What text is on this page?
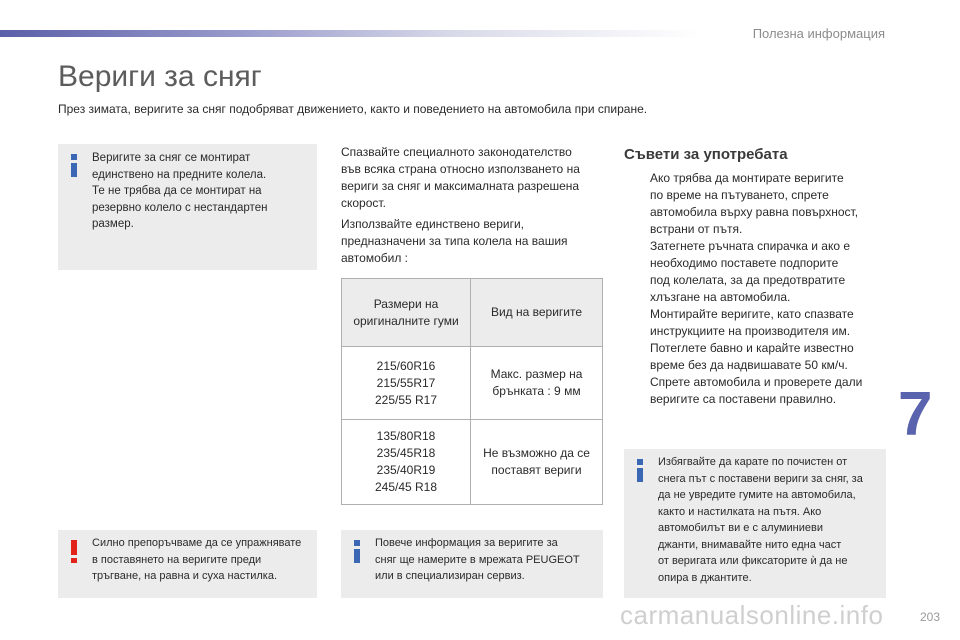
Полезна информация
Вериги за сняг

През зимата, веригите за сняг подобряват движението, както и поведението на автомобила при спиране.

Веригите за сняг се монтират
единствено на предните колела.
Те не трябва да се монтират на
резервно колело с нестандартен
размер.
Спазвайте специалното законодателство
във всяка страна относно използването на
вериги за сняг и максималната разрешена
скорост.
Използвайте единствено вериги,
предназначени за типа колела на вашия
автомобил :
Размери на
оригиналните гуми	Вид на веригите

215/60R16
215/55R17
225/55 R17	Макс. размер на
брънката : 9 мм

135/80R18
235/45R18
235/40R19
245/45 R18	Не възможно да се
поставят вериги
Съвети за употребата
Ако трябва да монтирате веригите
по време на пътуването, спрете
автомобила върху равна повърхност,
встрани от пътя.
Затегнете ръчната спирачка и ако е
необходимо поставете подпорите
под колелата, за да предотвратите
хлъзгане на автомобила.
Монтирайте веригите, като спазвате
инструкциите на производителя им.
Потеглете бавно и карайте известно
време без да надвишавате 50 км/ч.
Спрете автомобила и проверете дали
веригите са поставени правилно.
Силно препоръчваме да се упражнявате
в поставянето на веригите преди
тръгване, на равна и суха настилка.
Повече информация за веригите за
сняг ще намерите в мрежата PEUGEOT
или в специализиран сервиз.
Избягвайте да карате по почистен от
снега път с поставени вериги за сняг, за
да не увредите гумите на автомобила,
както и настилката на пътя. Ако
автомобилът ви е с алуминиеви
джанти, внимавайте нито една част
от веригата или фиксаторите ѝ да не
опира в джантите.
7
carmanualsonline.info	203
